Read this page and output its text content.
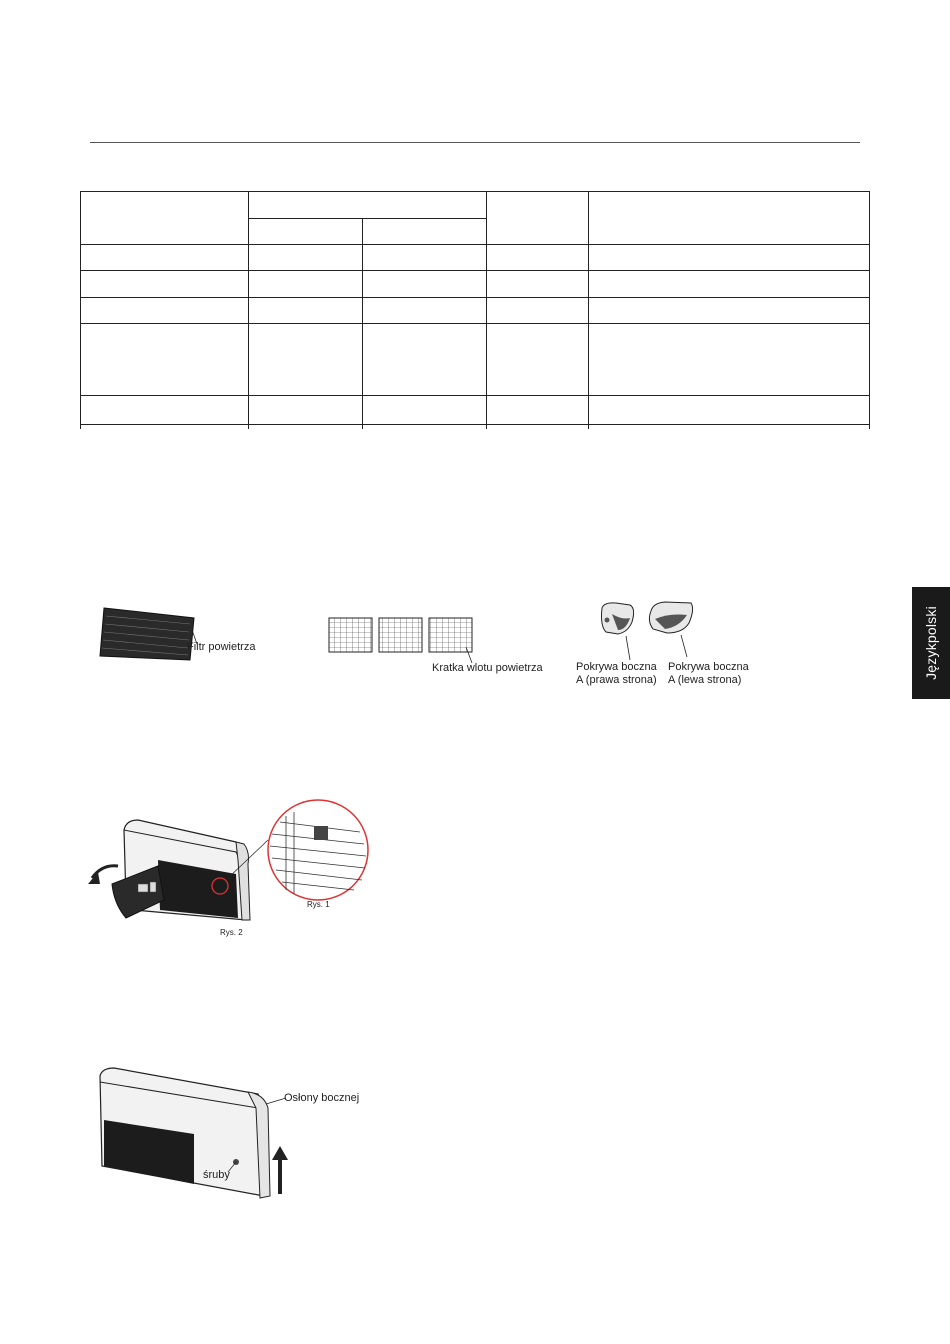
Językpolski
Filtr powietrza
Kratka wlotu powietrza	Pokrywa boczna
A (prawa strona)
Pokrywa boczna
A (lewa strona)
Rys. 1
Rys. 2
Osłony bocznej
śruby
